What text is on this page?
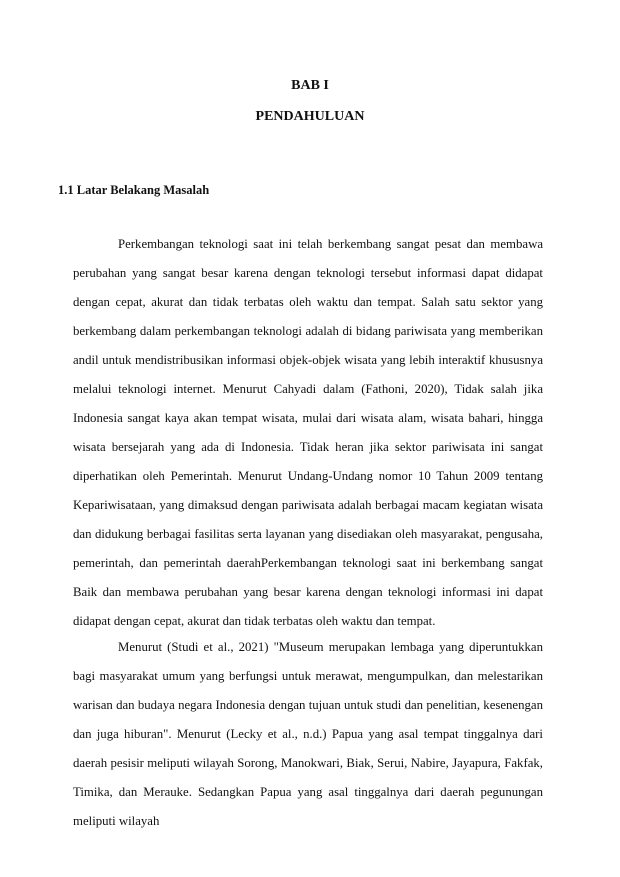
BAB I
PENDAHULUAN
1.1 Latar Belakang Masalah

Perkembangan teknologi saat ini telah berkembang sangat pesat dan membawa perubahan yang sangat besar karena dengan teknologi tersebut informasi dapat didapat dengan cepat, akurat dan tidak terbatas oleh waktu dan tempat. Salah satu sektor yang berkembang dalam perkembangan teknologi adalah di bidang pariwisata yang memberikan andil untuk mendistribusikan informasi objek-objek wisata yang lebih interaktif khususnya melalui teknologi internet. Menurut Cahyadi dalam (Fathoni, 2020), Tidak salah jika Indonesia sangat kaya akan tempat wisata, mulai dari wisata alam, wisata bahari, hingga wisata bersejarah yang ada di Indonesia. Tidak heran jika sektor pariwisata ini sangat diperhatikan oleh Pemerintah. Menurut Undang-Undang nomor 10 Tahun 2009 tentang Kepariwisataan, yang dimaksud dengan pariwisata adalah berbagai macam kegiatan wisata dan didukung berbagai fasilitas serta layanan yang disediakan oleh masyarakat, pengusaha, pemerintah, dan pemerintah daerahPerkembangan teknologi saat ini berkembang sangat Baik dan membawa perubahan yang besar karena dengan teknologi informasi ini dapat didapat dengan cepat, akurat dan tidak terbatas oleh waktu dan tempat.

Menurut (Studi et al., 2021) "Museum merupakan lembaga yang diperuntukkan bagi masyarakat umum yang berfungsi untuk merawat, mengumpulkan, dan melestarikan warisan dan budaya negara Indonesia dengan tujuan untuk studi dan penelitian, kesenengan dan juga hiburan". Menurut (Lecky et al., n.d.) Papua yang asal tempat tinggalnya dari daerah pesisir meliputi wilayah Sorong, Manokwari, Biak, Serui, Nabire, Jayapura, Fakfak, Timika, dan Merauke. Sedangkan Papua yang asal tinggalnya dari daerah pegunungan meliputi wilayah
